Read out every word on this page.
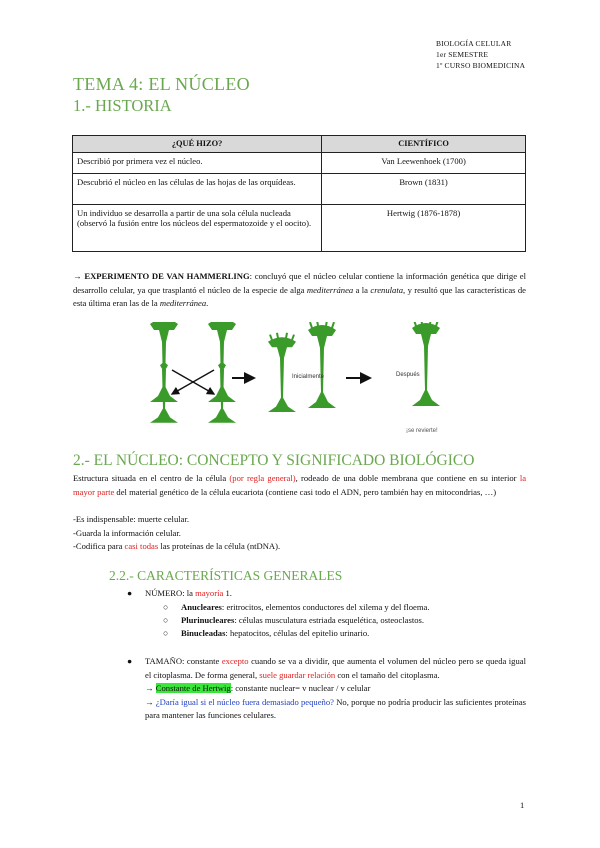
BIOLOGÍA CELULAR
1er SEMESTRE
1º CURSO BIOMEDICINA
TEMA 4: EL NÚCLEO
1.- HISTORIA
¿QUÉ HIZO?	CIENTÍFICO
Describió por primera vez el núcleo.	Van Leewenhoek (1700)
Descubrió el núcleo en las células de las hojas de las orquídeas.	Brown (1831)
Un individuo se desarrolla a partir de una sola célula nucleada (observó la fusión entre los núcleos del espermatozoide y el oocito).	Hertwig (1876-1878)
→ EXPERIMENTO DE VAN HAMMERLING: concluyó que el núcleo celular contiene la información genética que dirige el desarrollo celular, ya que trasplantó el núcleo de la especie de alga mediterránea a la crenulata, y resultó que las características de esta última eran las de la mediterránea.
Inicialmente	Después
¡se revierte!
2.- EL NÚCLEO: CONCEPTO Y SIGNIFICADO BIOLÓGICO
Estructura situada en el centro de la célula (por regla general), rodeado de una doble membrana que contiene en su interior la mayor parte del material genético de la célula eucariota (contiene casi todo el ADN, pero también hay en mitocondrias, …)
-Es indispensable: muerte celular.
-Guarda la información celular.
-Codifica para casi todas las proteínas de la célula (ntDNA).
2.2.- CARACTERÍSTICAS GENERALES
● NÚMERO: la mayoría 1.
○ Anucleares: eritrocitos, elementos conductores del xilema y del floema.
○ Plurinucleares: células musculatura estriada esquelética, osteoclastos.
○ Binucleadas: hepatocitos, células del epitelio urinario.
● TAMAÑO: constante excepto cuando se va a dividir, que aumenta el volumen del núcleo pero se queda igual el citoplasma. De forma general, suele guardar relación con el tamaño del citoplasma.
→ Constante de Hertwig: constante nuclear= v nuclear / v celular
→ ¿Daría igual si el núcleo fuera demasiado pequeño? No, porque no podría producir las suficientes proteínas para mantener las funciones celulares.
1
